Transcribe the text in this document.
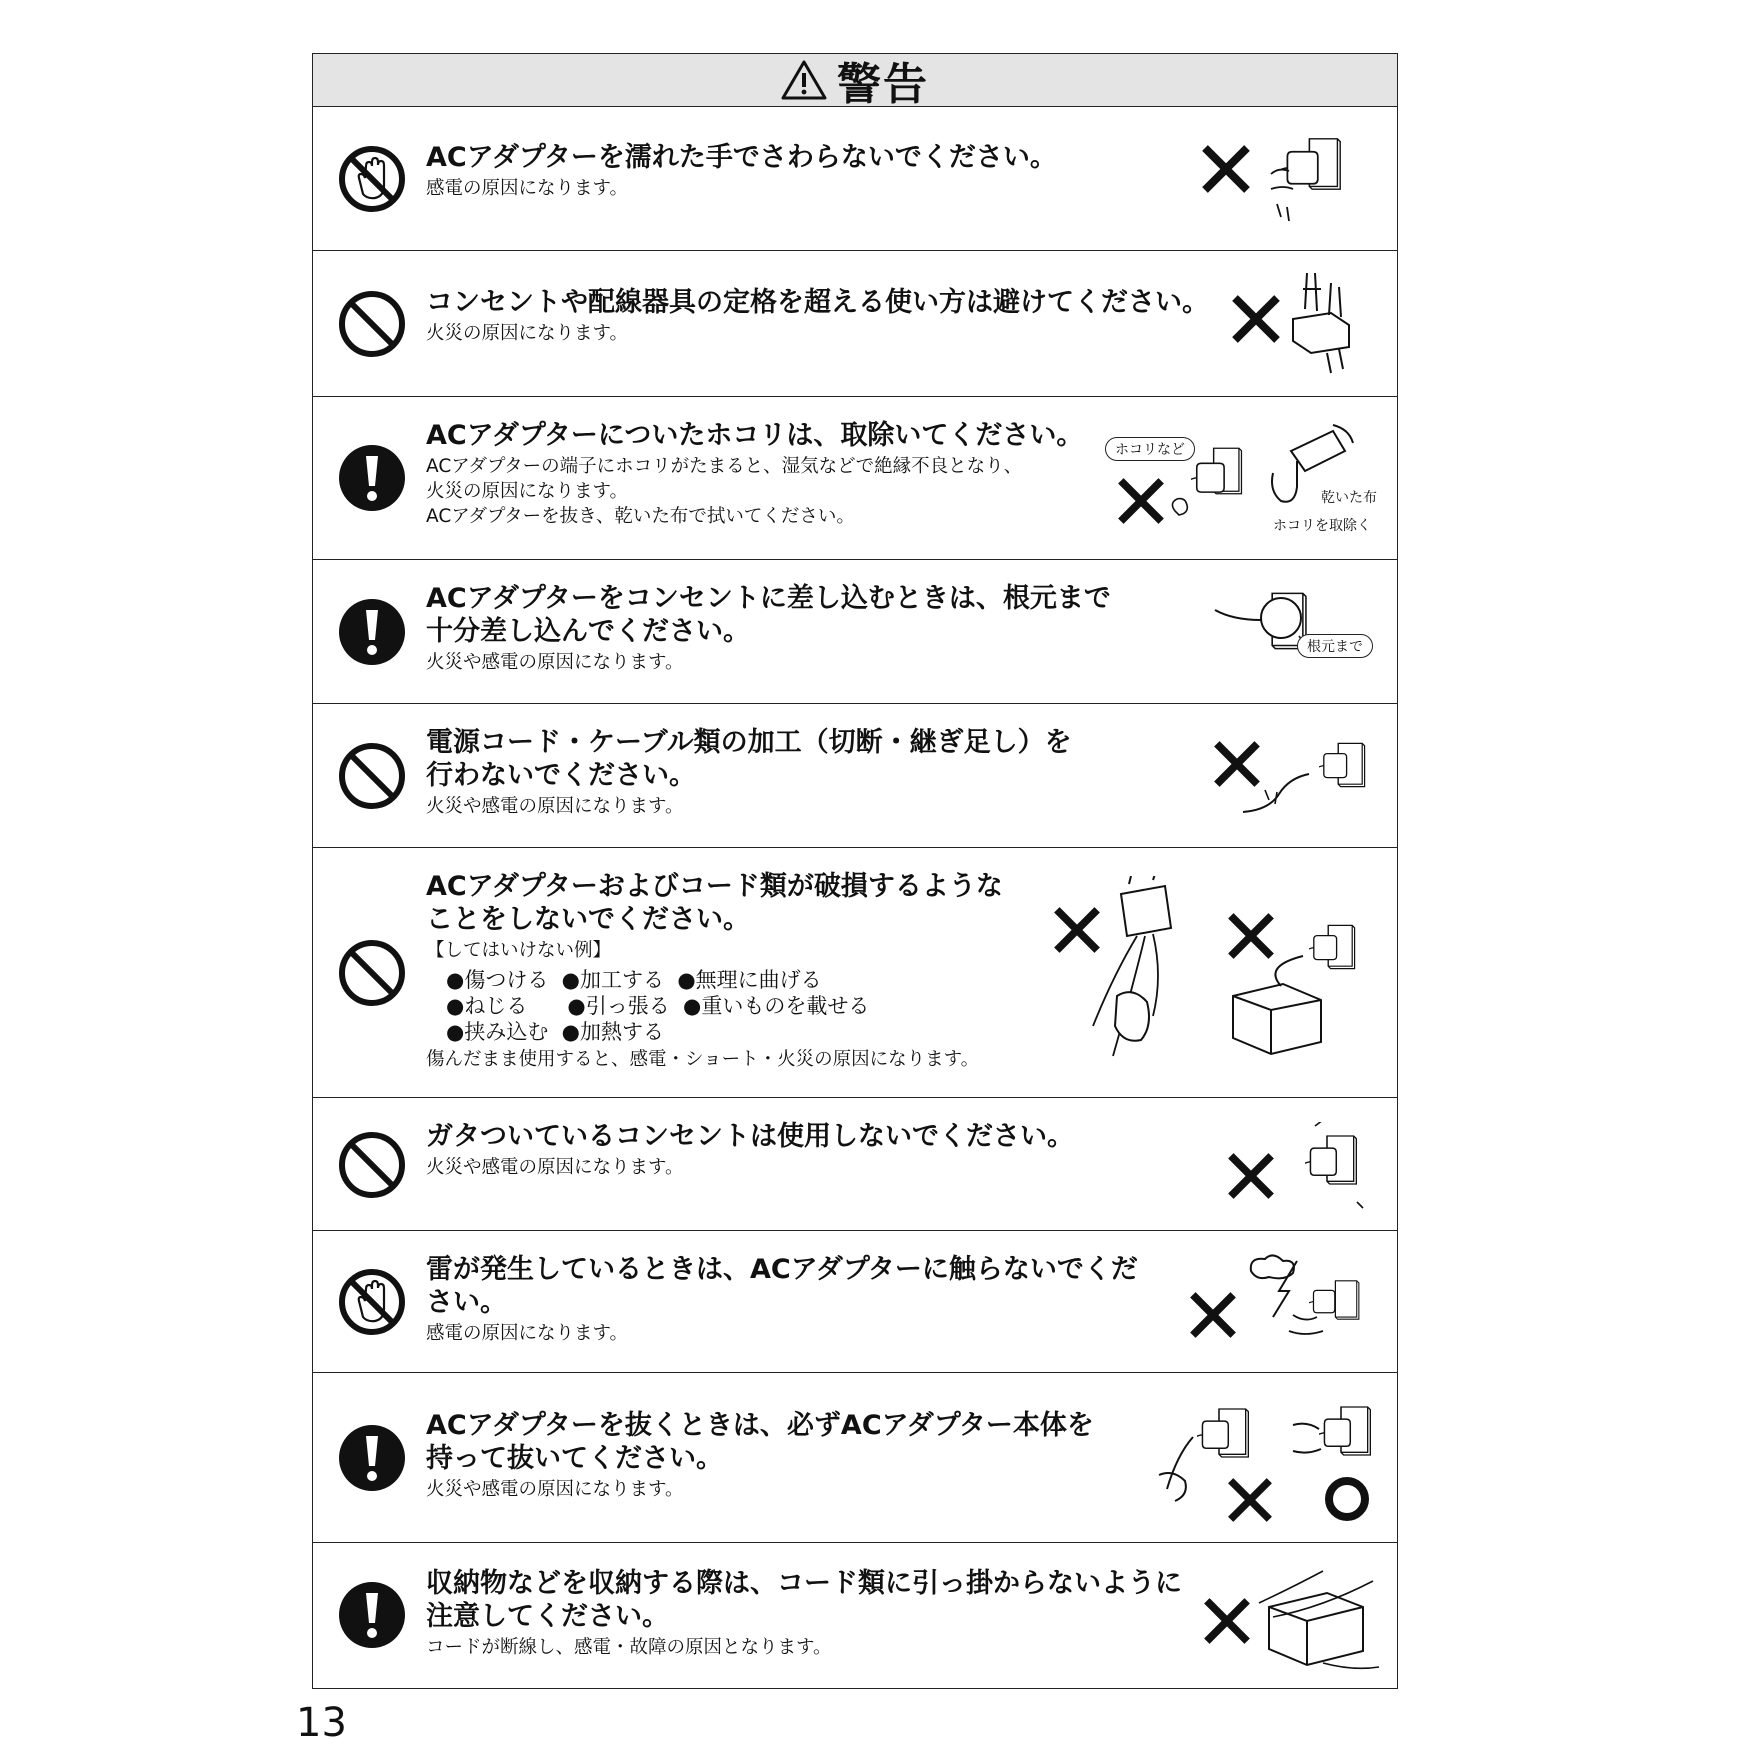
警告
ACアダプターを濡れた手でさわらないでください。
感電の原因になります。
コンセントや配線器具の定格を超える使い方は避けてください。
火災の原因になります。
ACアダプターについたホコリは、取除いてください。
ACアダプターの端子にホコリがたまると、湿気などで絶縁不良となり、
火災の原因になります。
ACアダプターを抜き、乾いた布で拭いてください。
ホコリなど
乾いた布
ホコリを取除く
ACアダプターをコンセントに差し込むときは、根元まで
十分差し込んでください。
火災や感電の原因になります。
根元まで
電源コード・ケーブル類の加工（切断・継ぎ足し）を
行わないでください。
火災や感電の原因になります。
ACアダプターおよびコード類が破損するような
ことをしないでください。
【してはいけない例】
●傷つける  ●加工する  ●無理に曲げる
●ねじる      ●引っ張る  ●重いものを載せる
●挟み込む  ●加熱する
傷んだまま使用すると、感電・ショート・火災の原因になります。
ガタついているコンセントは使用しないでください。
火災や感電の原因になります。
雷が発生しているときは、ACアダプターに触らないでくだ
さい。
感電の原因になります。
ACアダプターを抜くときは、必ずACアダプター本体を
持って抜いてください。
火災や感電の原因になります。
収納物などを収納する際は、コード類に引っ掛からないように
注意してください。
コードが断線し、感電・故障の原因となります。
13
